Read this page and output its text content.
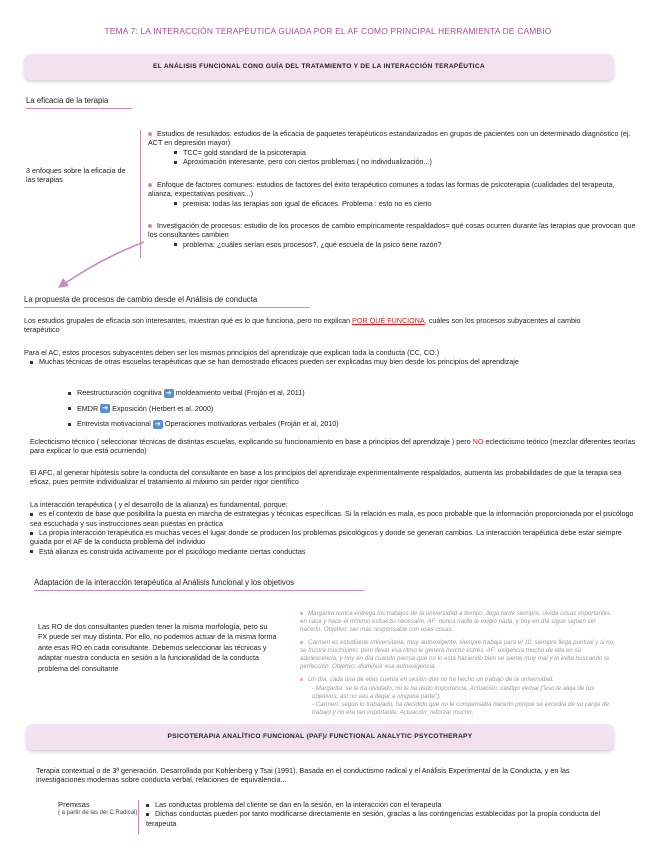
TEMA 7: LA INTERACCIÓN TERAPÉUTICA GUIADA POR EL AF COMO PRINCIPAL HERRAMIENTA DE CAMBIO
EL ANÁLISIS FUNCIONAL CONO GUÍA DEL TRATAMIENTO Y DE LA INTERACCIÓN TERAPÉUTICA
La eficacia de la terapia
3 enfoques sobre la eficacia de las terapias
Estudios de resultados: estudios de la eficacia de paquetes terapéuticos estandarizados en grupos de pacientes con un determinado diagnóstico (ej. ACT en depresión mayor)
TCC= gold standard de la psicoterapia
Aproximación interesante, pero con ciertos problemas ( no individualización...)
Enfoque de factores comunes: estudios de factores del éxito terapéutico comunes a todas las formas de psicoterapia (cualidades del terapeuta, alianza, expectativas positivas...)
premisa: todas las terapias son igual de eficaces. Problema : esto no es cierto
Investigación de procesos: estudio de los procesos de cambio empíricamente respaldados= qué cosas ocurren durante las terapias que provocan que los consultantes cambien
problema: ¿cuáles serían esos procesos?, ¿qué escuela de la psico tiene razón?
La propuesta de procesos de cambio desde el Análisis de conducta
Los estudios grupales de eficacia son interesantes, muestran qué es lo que funciona, pero no explican POR QUÉ FUNCIONA, cuáles son los procesos subyacentes al cambio terapéutico
Para el AC, estos procesos subyacentes deben ser los mismos principios del aprendizaje que explican toda la conducta (CC, CO.)
Muchas técnicas de otras escuelas terapéuticas que se han demostrado eficaces pueden ser explicadas muy bien desde los principios del aprendizaje
Reestructuración cognitiva ➔ moldeamiento verbal (Froján et al, 2011)
EMDR ➔ Exposición (Herbert et al. 2000)
Entrevista motivacional ➔ Operaciones motivadoras verbales (Froján et al, 2010)
Eclecticismo técnico ( seleccionar técnicas de distintas escuelas, explicando su funcionamiento en base a principios del aprendizaje ) pero NO eclecticismo teórico (mezclar diferentes teorías para explicar lo que está ocurriendo)
El AFC, al generar hipótesis sobre la conducta del consultante en base a los principios del aprendizaje experimentalmente respaldados, aumenta las probabilidades de que la terapia sea eficaz, pues permite individualizar el tratamiento al máximo sin perder rigor científico
La interacción terapéutica ( y el desarrollo de la alianza) es fundamental, porque:
es el contexto de base que posibilita la puesta en marcha de estrategias y técnicas específicas. Si la relación es mala, es poco probable que la información proporcionada por el psicólogo sea escuchada y sus instrucciones sean puestas en práctica
La propia interacción terapéutica es muchas veces el lugar donde se producen los problemas psicológicos y donde se generan cambios. La interacción terapéutica debe estar siempre guiada por el AF de la conducta problema del individuo
Está alianza es construida activamente por el psicólogo mediante ciertas conductas
Adaptación de la interacción terapéutica al Análisis funcional y los objetivos
Las RO de dos consultantes pueden tener la misma morfología, pero su FX puede ser muy distinta. Por ello, no podemos actuar de la misma forma ante esas RO en cada consultante. Debemos seleccionar las técnicas y adaptar nuestra conducta en sesión a la funcionalidad de la conducta problema del consultante
Margarita nunca entrega los trabajos de la universidad a tiempo, llega tarde siempre, olvida cosas importantes en casa y hace el mínimo esfuerzo necesario. AF: nunca nadie le exigió nada, y hoy en día sigue siguen sin hacerlo. Objetivo: ser más responsable con esas cosas.
Carmen es estudiante universitaria, muy autoexigente, siempre trabaja para el 10, siempre llega puntual y si no, se frustra muchísimo; pero llevar esa ritmo le genera mucho estrés. AF: exigencia mucho de ella en su adolescencia, y hoy en día cuando piensa que no lo está haciendo bien se siente muy mal y lo evita buscando la perfección. Objetivo: disminuir esa autoexigencia.
Un día, cada una de ellas cuenta en sesión que no ha hecho un trabajo de la universidad.
- Margarita: se le ha olvidado, no le ha dado importancia. Actuación: castigo verbal ("eso le aleja de tus objetivos, así no vas a llegar a ninguna parte").
- Carmen: según lo trabajado, ha decidido que no le compensaba hacerlo porque se excedía de su carga de trabajo y no era tan importante. Actuación: reforzar mucho.
PSICOTERAPIA ANALÍTICO FUNCIONAL (PAF)/ FUNCTIONAL ANALYTIC PSYCOTHERAPY
Terapia contextual o de 3ª generación. Desarrollada por Kohlenberg y Tsai (1991). Basada en el conductismo radical y el Análisis Experimental de la Conducta, y en las investigaciones modernas sobre conducta verbal, relaciones de equivalencia...
Premisas
( a partir de las del C.Radical)
Las conductas problema del cliente se dan en la sesión, en la interacción con el terapeuta
Dichas conductas pueden por tanto modificarse directamente en sesión, gracias a las contingencias establecidas por la propia conducta del terapeuta
